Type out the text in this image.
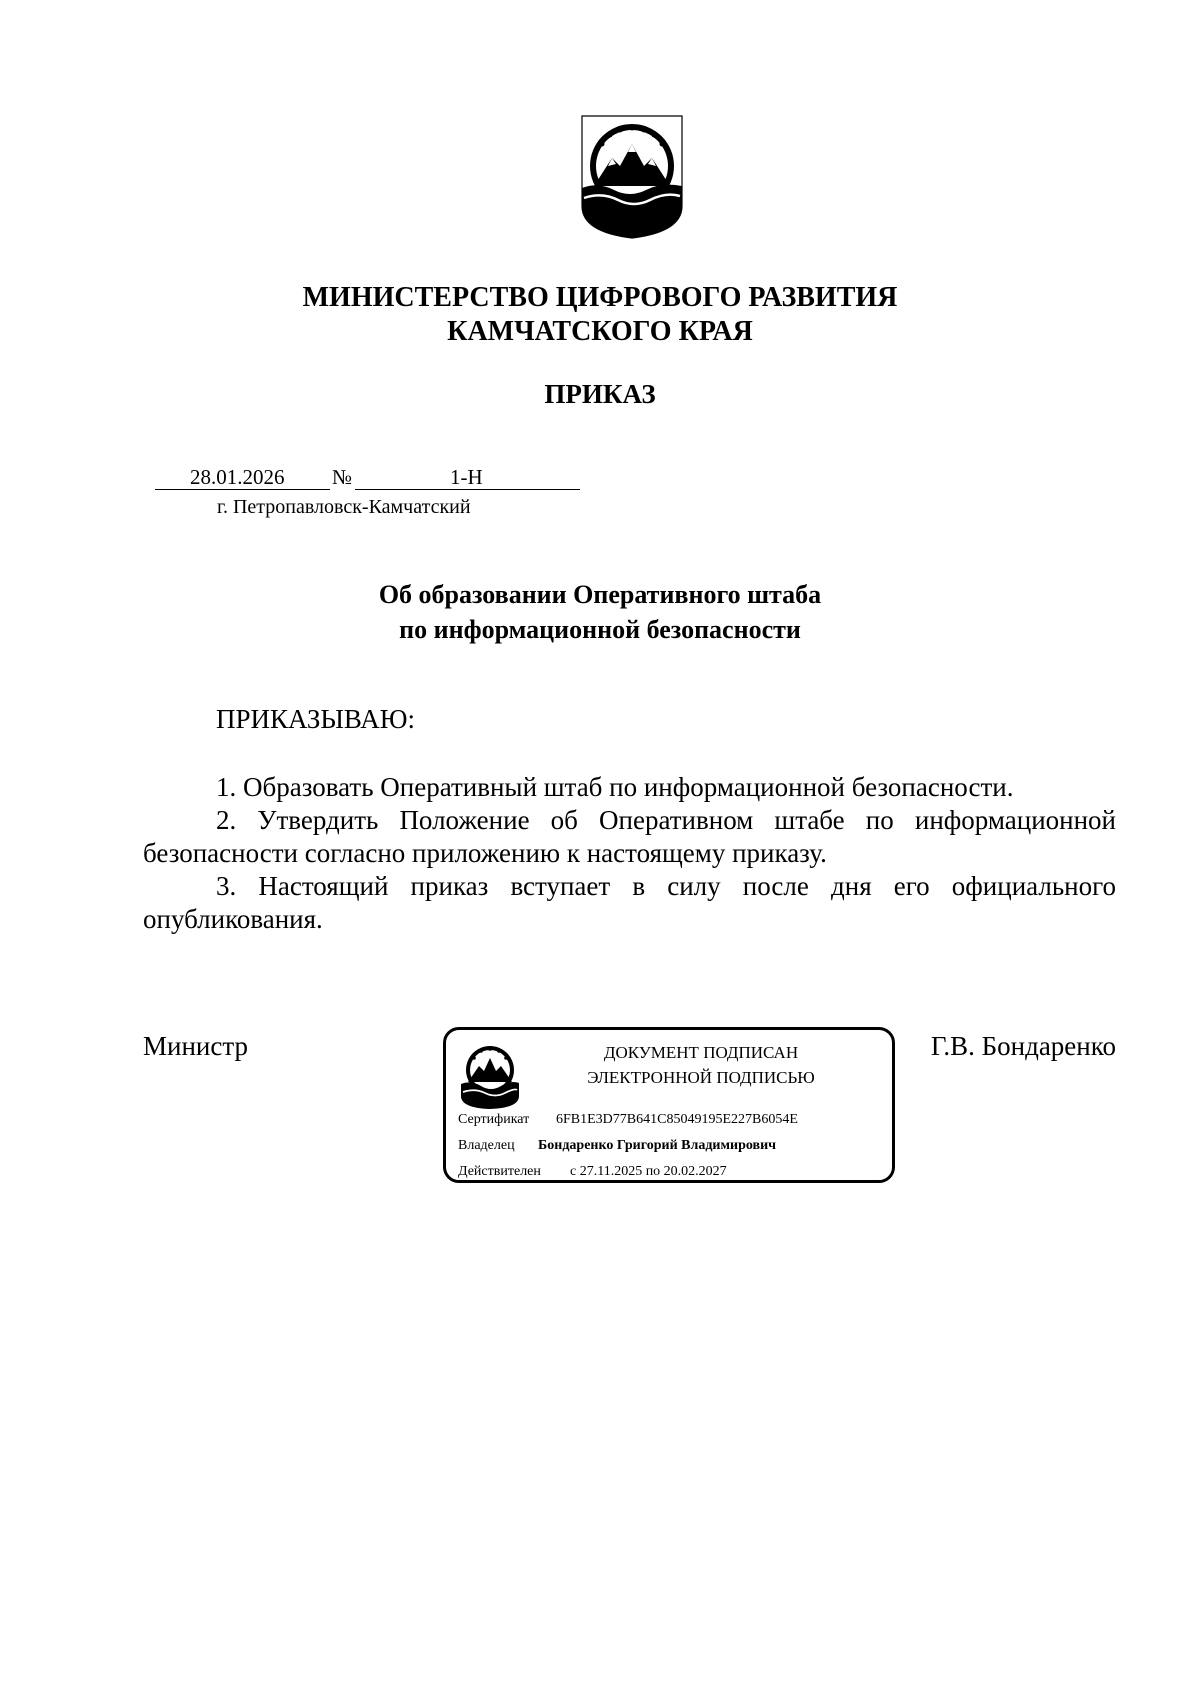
МИНИСТЕРСТВО ЦИФРОВОГО РАЗВИТИЯ
КАМЧАТСКОГО КРАЯ
ПРИКАЗ
28.01.2026 №	1-Н
г. Петропавловск-Камчатский
Об образовании Оперативного штаба
по информационной безопасности
ПРИКАЗЫВАЮ:

1. Образовать Оперативный штаб по информационной безопасности.

2. Утвердить Положение об Оперативном штабе по информационной безопасности согласно приложению к настоящему приказу.

3. Настоящий приказ вступает в силу после дня его официального опубликования.

Министр	Г.В. Бондаренко
ДОКУМЕНТ ПОДПИСАН
ЭЛЕКТРОННОЙ ПОДПИСЬЮ
Сертификат 6FB1E3D77B641C85049195E227B6054E
Владелец Бондаренко Григорий Владимирович
Действителен с 27.11.2025 по 20.02.2027
